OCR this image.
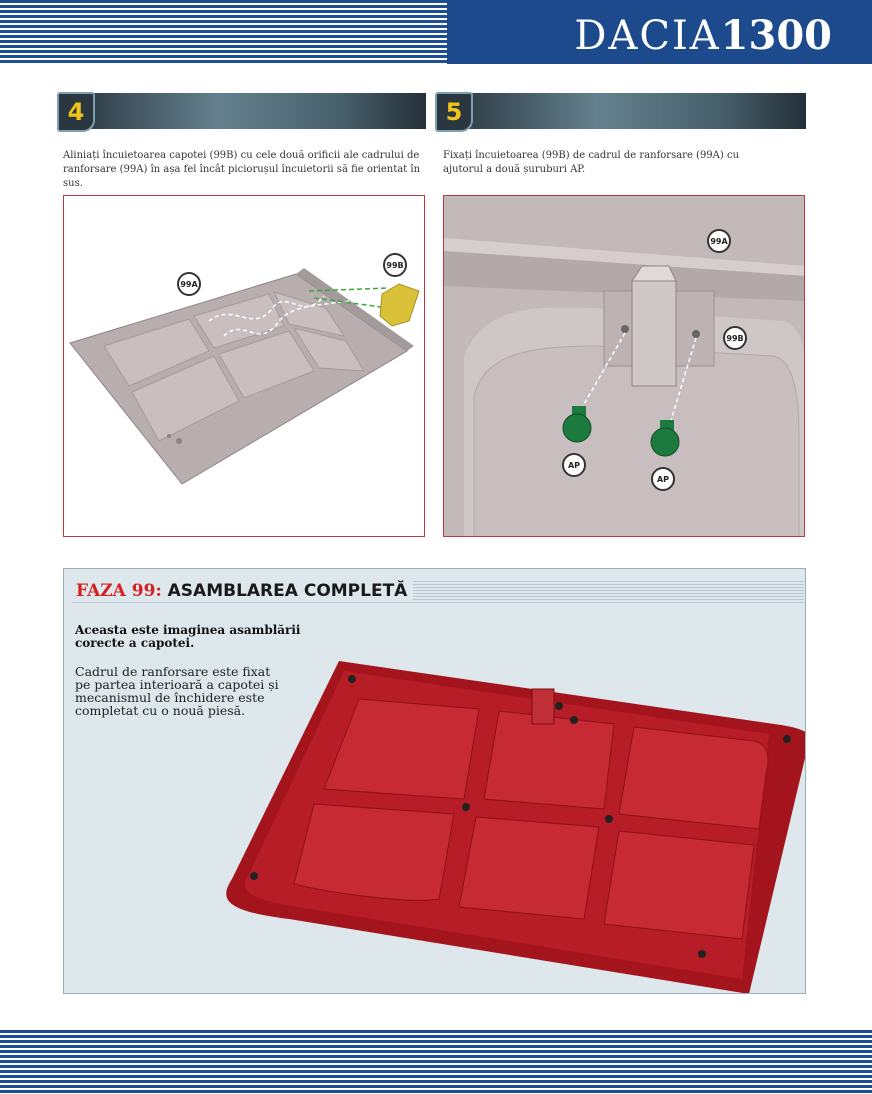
DACIA1300
4
Aliniați încuietoarea capotei (99B) cu cele două orificii ale cadrului de ranforsare (99A) în așa fel încât piciorușul încuietorii să fie orientat în sus.
99A
99B
5
Fixați încuietoarea (99B) de cadrul de ranforsare (99A) cu ajutorul a două șuruburi AP.
99A
99B
AP
AP
FAZA 99: ASAMBLAREA COMPLETĂ
Aceasta este imaginea asamblării corecte a capotei.
Cadrul de ranforsare este fixat pe partea interioară a capotei și mecanismul de închidere este completat cu o nouă piesă.
